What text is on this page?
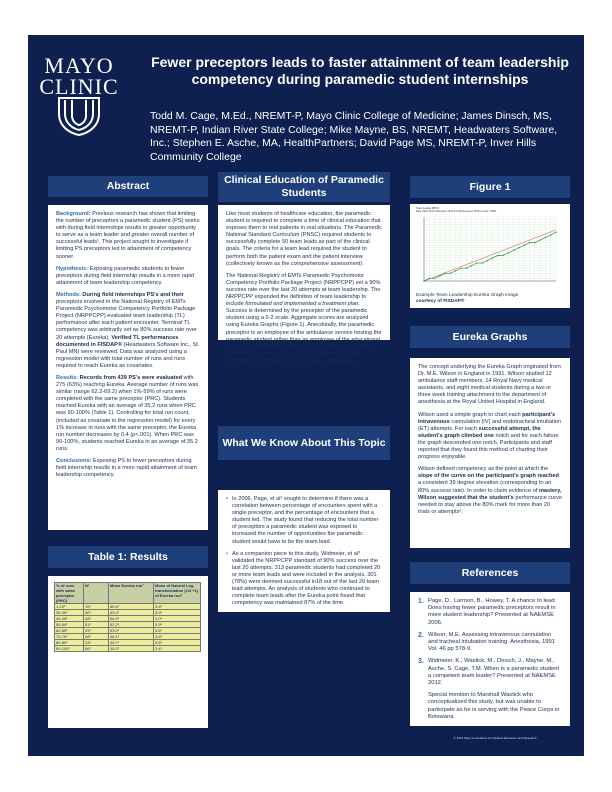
MAYO
CLINIC
Fewer preceptors leads to faster attainment of team leadership competency during paramedic student internships
Todd M. Cage, M.Ed., NREMT-P, Mayo Clinic College of Medicine; James Dinsch, MS, NREMT-P, Indian River State College; Mike Mayne, BS, NREMT, Headwaters Software, Inc.; Stephen E. Asche, MA, HealthPartners; David Page MS, NREMT-P, Inver Hills Community College
Abstract

Background: Previous research has shown that limiting the number of preceptors a paramedic student (PS) works with during field internships results in greater opportunity to serve as a team leader and greater overall number of successful leads¹. This project sought to investigate if limiting PS preceptors led to attainment of competency sooner.

Hypothesis: Exposing paramedic students to fewer preceptors during field internship results in a more rapid attainment of team leadership competency.

Methods: During field internships PS's and their preceptors involved in the National Registry of EMTs Paramedic Psychomotor Competency Portfolio Package Project (NRPPCPP) evaluated team leadership (TL) performance after each patient encounter. Terminal TL competency was arbitrarily set as 80% success rate over 20 attempts (Eureka). Verified TL performances documented in FISDAP® (Headwaters Software Inc., St. Paul MN) were reviewed. Data was analyzed using a regression model with total number of runs and runs required to reach Eureka as covariates.

Results: Records from 439 PS's were evaluated with 275 (63%) reaching Eureka. Average number of runs was similar (range 62.2-69.2) when 1%-59% of runs were completed with the same preceptor (PRC). Students reached Eureka with an average of 35.2 runs when PRC was 90-100% (Table 1). Controlling for total run count, (included as covariate in the regression model) for every 1% increase in runs with the same preceptor, the Eureka run number decreases by 0.4 (p<.001). When PRC was 90-100%, students reached Eureka in an average of 35.2 runs.

Conclusions: Exposing PS to fewer preceptors during field internship results in a more rapid attainment of team leadership competency.

Table 1: Results
% of runs with same preceptor (PRC)	N¹	Mean Eureka run²	Mean of Natural Log transformation (LN +1) of Eureka run²
1-29¹	15¹	65.6¹	3.6¹
30-39¹	30¹	69.2¹	3.9¹
40-49¹	48¹	66.2¹	4.0¹
50-59¹	51¹	62.2¹	3.9¹
60-69¹	29¹	53.0¹	3.8¹
70-79¹	28¹	46.1¹	3.6¹
80-89¹	23¹	46.7¹	3.6¹
90-100¹	66¹	35.2¹	3.4¹
Clinical Education of Paramedic Students

Like most students of healthcare education, the paramedic student is required to complete a time of clinical education that exposes them to real patients in real situations. The Paramedic National Standard Curriculum (PNSC) required students to successfully complete 50 team leads as part of the clinical goals. The criteria for a team lead required the student to perform both the patient exam and the patient interview (collectively known as the comprehensive assessment).

The National Registry of EMTs Paramedic Psychomotor Competency Portfolio Package Project (NRPPCPP) set a 90% success rate over the last 20 attempts at team leadership. The NRPPCPP expanded the definition of team leadership to include formulated and implemented a treatment plan. Success is determined by the preceptor of the paramedic student using a 0-2 scale. Aggregate scores are analyzed using Eureka Graphs (Figure 1). Anecdotally, the paramedic preceptor is an employee of the ambulance service hosting the paramedic student rather than an employee of the educational institution. CoAEMSP guidelines require that the educational institution train the preceptors, but a national standard curriculum for preceptors has not been established.

What We Know About This Topic

▪ In 2006, Page, et al¹ sought to determine if there was a correlation between percentage of encounters spent with a single preceptor, and the percentage of encounters that a student led. The study found that reducing the total number of preceptors a paramedic student was exposed to increased the number of opportunities the paramedic student would have to be the team lead.

▪ As a companion piece to this study, Widmeier, et al³ validated the NRPPCPP standard of 90% success over the last 20 attempts. 313 paramedic students had completed 20 or more team leads and were included in the analysis. 301 (78%) were deemed successful in18 out of the last 20 team lead attempts. An analysis of students who continued to complete team leads after the Eureka point found that competency was maintained 87% of the time.

Figure 1
Team Leader (80%)
Date: 2010-05-12 Attempted: 26-20-12-100 Eureka at: 18 Run count: 1 80%
Example Team Leadership Eureka Graph image
courtesy of FISDAP®
Eureka Graphs

The concept underlying the Eureka Graph originated from Dr. M.E. Wilson in England in 1991. Wilson studied 12 ambulance staff members, 14 Royal Navy medical assistants, and eight medical students during a two or three week training attachment to the department of anesthesia at the Royal United Hospital in England.

Wilson used a simple graph to chart each participant's intravenous cannulation (IV) and endotracheal intubation (ET) attempts. For each successful attempt, the student's graph climbed one notch and for each failure the graph descended one notch. Participants and staff reported that they found this method of charting their progress enjoyable.

Wilson defined competency as the point at which the slope of the curve on the participant's graph reached a consistent 39 degree elevation (corresponding to an 80% success rate). In order to claim evidence of mastery, Wilson suggested that the student's performance curve needed to stay above the 80% mark for more than 20 trials or attempts².

References
1. Page, D., Larmon, B., Howey, T. A chance to lead: Does having fewer paramedic preceptors result in more student leadership? Presented at NAEMSE 2006.
2. Wilson, M.E. Assessing intravenous cannulation and tracheal intubation training. Anesthesia, 1991 Vol. 46 pp 578-9.
3. Widmeier, K., Wastick, M., Dinsch, J., Mayne, M., Asche, S. Cage, T.M. When is a paramedic student a competent team leader? Presented at NAEMSE 2012.
Special mention to Marshall Wastick who conceptualized this study, but was unable to participate as he is serving with the Peace Corps in Botswana.
© 2012 Mayo Foundation for Medical Education and Research
